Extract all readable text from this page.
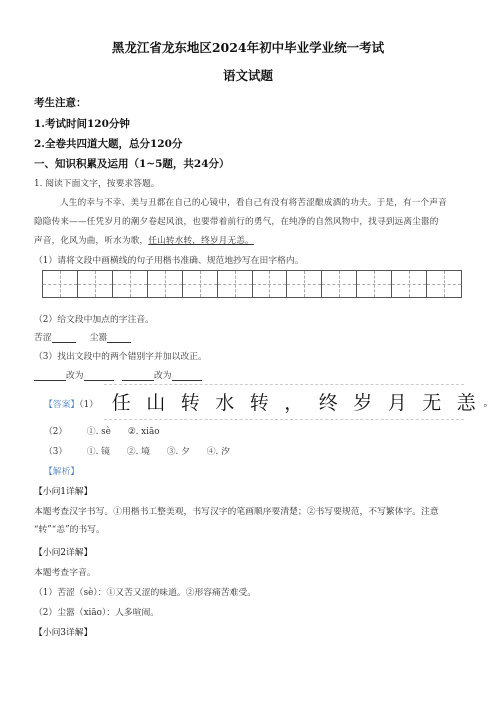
黑龙江省龙东地区2024年初中毕业学业统一考试
语文试题
考生注意：
1.考试时间120分钟
2.全卷共四道大题，总分120分
一、知识积累及运用（1~5题，共24分）
1. 阅读下面文字，按要求答题。
人生的幸与不幸、美与丑都在自己的心镜中，看自己有没有将苦涩酿成酒的功夫。于是，有一个声音
隐隐传来——任凭岁月的潮夕卷起风浪，也要带着前行的勇气，在纯净的自然风物中，找寻到远离尘嚣的
声音，化风为曲，听水为歌，任山转水转，终岁月无恙。
（1）请将文段中画横线的句子用楷书准确、规范地抄写在田字格内。
（2）给文段中加点的字注音。
苦涩	尘嚣
（3）找出文段中的两个错别字并加以改正。
改为	改为
【答案】（1） 任 山 转 水 转 ， 终 岁 月 无 恙 。
（2） ①. sè ②. xiāo
（3） ①. 镜 ②. 境 ③. 夕 ④. 汐
【解析】
【小问1详解】
本题考查汉字书写。①用楷书工整美观，书写汉字的笔画顺序要清楚；②书写要规范，不写繁体字。注意
“转”“恙”的书写。
【小问2详解】
本题考查字音。
（1）苦涩（sè）：①又苦又涩的味道。②形容痛苦难受。
（2）尘嚣（xiāo）：人多喧闹。
【小问3详解】
